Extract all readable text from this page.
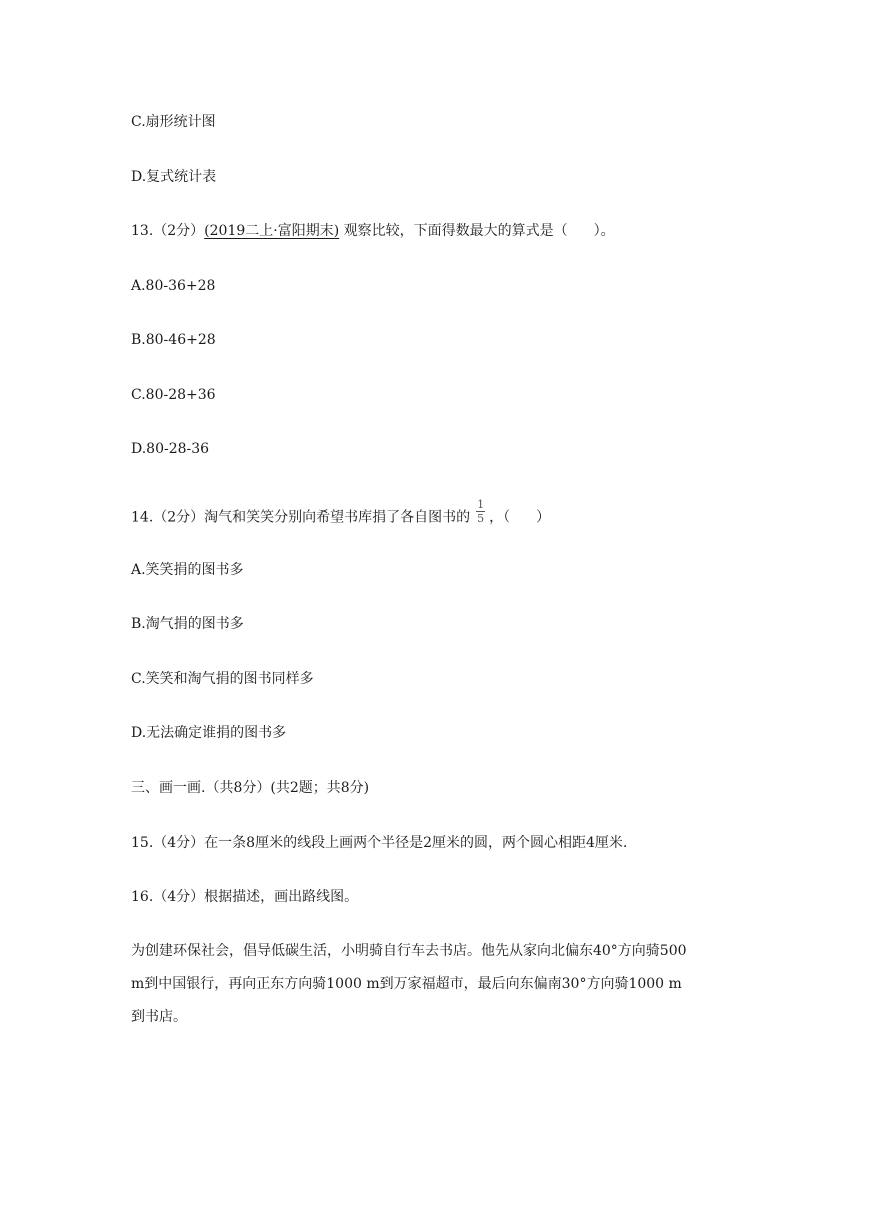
C.扇形统计图
D.复式统计表
13.（2分）(2019二上·富阳期末) 观察比较，下面得数最大的算式是（ ）。
A.80-36+28
B.80-46+28
C.80-28+36
D.80-28-36
14.（2分）淘气和笑笑分别向希望书库捐了各自图书的 $\frac{1}{5}$ ，（ ）
A.笑笑捐的图书多
B.淘气捐的图书多
C.笑笑和淘气捐的图书同样多
D.无法确定谁捐的图书多
三、画一画.（共8分）(共2题；共8分)
15.（4分）在一条8厘米的线段上画两个半径是2厘米的圆，两个圆心相距4厘米.
16.（4分）根据描述，画出路线图。
为创建环保社会，倡导低碳生活，小明骑自行车去书店。他先从家向北偏东40°方向骑500
m到中国银行，再向正东方向骑1000 m到万家福超市，最后向东偏南30°方向骑1000 m
到书店。
